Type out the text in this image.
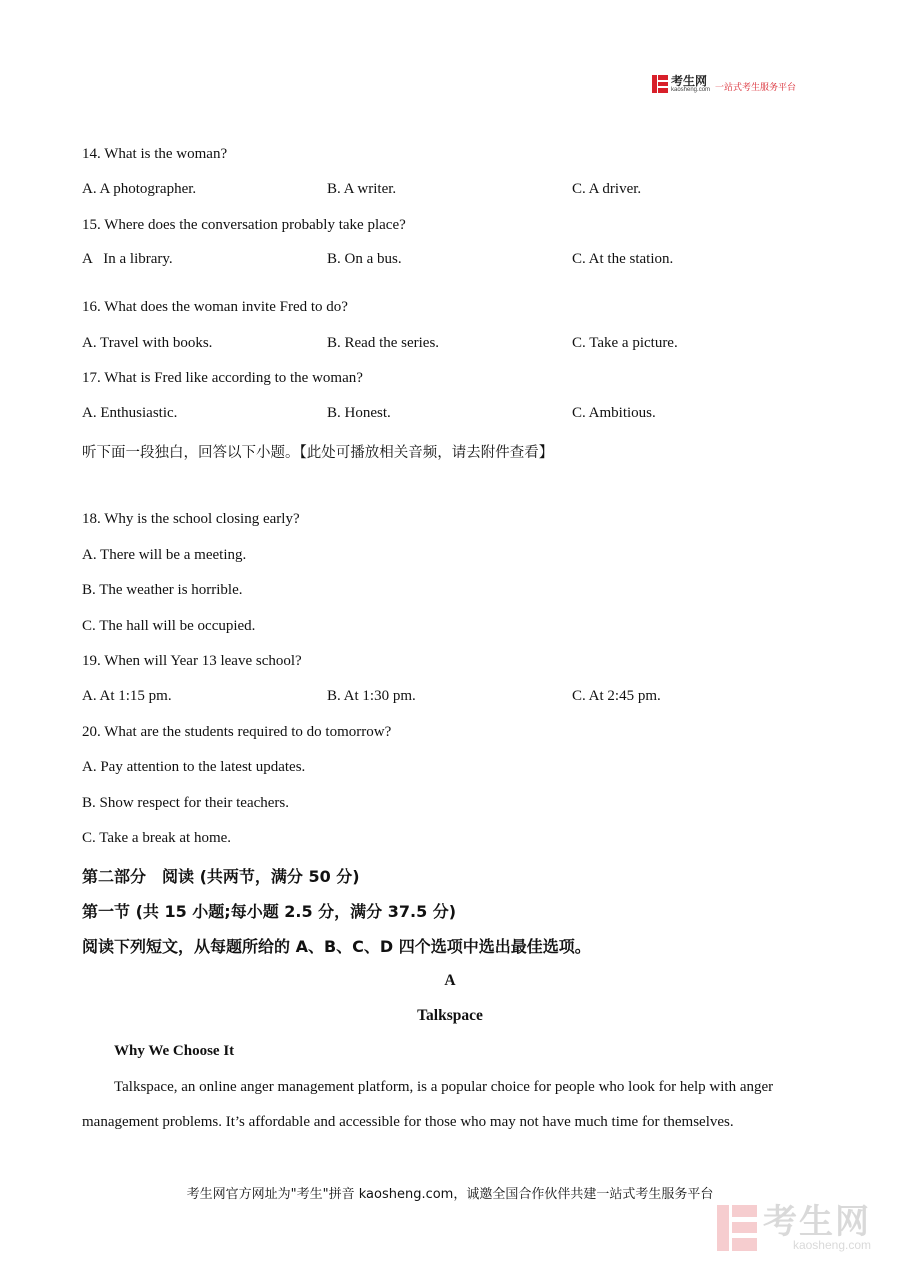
考生网
kaosheng.com 一站式考生服务平台
14. What is the woman?
A. A photographer.	B. A writer.	C. A driver.
15. Where does the conversation probably take place?
A   In a library.	B. On a bus.	C. At the station.
16. What does the woman invite Fred to do?
A. Travel with books.	B. Read the series.	C. Take a picture.
17. What is Fred like according to the woman?
A. Enthusiastic.	B. Honest.	C. Ambitious.
听下面一段独白，回答以下小题。【此处可播放相关音频，请去附件查看】
18. Why is the school closing early?
A. There will be a meeting.
B. The weather is horrible.
C. The hall will be occupied.
19. When will Year 13 leave school?
A. At 1:15 pm.	B. At 1:30 pm.	C. At 2:45 pm.
20. What are the students required to do tomorrow?
A. Pay attention to the latest updates.
B. Show respect for their teachers.
C. Take a break at home.
第二部分　阅读 (共两节，满分 50 分)
第一节 (共 15 小题;每小题 2.5 分，满分 37.5 分)
阅读下列短文，从每题所给的 A、B、C、D 四个选项中选出最佳选项。
A
Talkspace
Why We Choose It
Talkspace, an online anger management platform, is a popular choice for people who look for help with anger management problems. It’s affordable and accessible for those who may not have much time for themselves.
考生网官方网址为"考生"拼音 kaosheng.com，诚邀全国合作伙伴共建一站式考生服务平台
考生网
kaosheng.com
